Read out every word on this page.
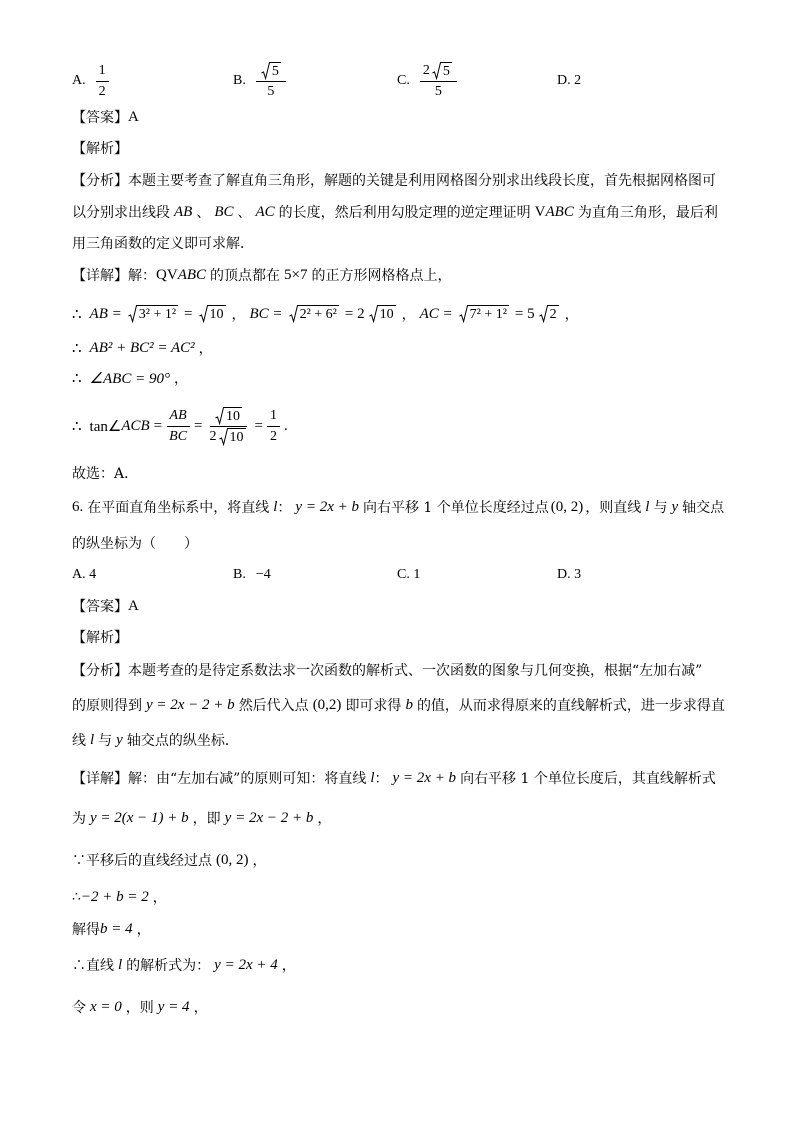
A. $\frac{1}{2}$	B. $\frac{5}{5}$	C. $\frac{2 5}{5}$	D. 2
【答案】 A
【解析】
【分析】本题主要考查了解直角三角形，解题的关键是利用网格图分别求出线段长度，首先根据网格图可
以分别求出线段 AB 、 BC 、 AC 的长度，然后利用勾股定理的逆定理证明 V ABC 为直角三角形，最后利
用三角函数的定义即可求解．
【详解】解： Q V ABC 的顶点都在 5×7 的正方形网格格点上，
∴ AB = 3² + 1² = 10 ， BC = 2² + 6² = 2 10 ， AC = 7² + 1² = 5 2 ，
∴ AB² + BC² = AC² ，
∴ ∠ABC = 90° ，
∴ tan∠ ACB = $\frac{AB}{BC} = \frac{10}{2 10} = \frac{1}{2}$ .
故选：A．
6. 在平面直角坐标系中，将直线 l ： y = 2x + b 向右平移 1 个单位长度经过点 (0, 2) ，则直线 l 与 y 轴交点
的纵坐标为（　　）
A. 4	B. −4	C. 1	D. 3
【答案】 A
【解析】
【分析】本题考查的是待定系数法求一次函数的解析式、一次函数的图象与几何变换，根据“左加右减”
的原则得到 y = 2x − 2 + b 然后代入点 (0,2) 即可求得 b 的值，从而求得原来的直线解析式，进一步求得直
线 l 与 y 轴交点的纵坐标．
【详解】解：由“左加右减”的原则可知：将直线 l ： y = 2x + b 向右平移 1 个单位长度后，其直线解析式
为 y = 2(x − 1) + b ，即 y = 2x − 2 + b ，
∵平移后的直线经过点 (0, 2) ，
∴ −2 + b = 2 ，
解得 b = 4 ，
∴直线 l 的解析式为： y = 2x + 4 ，
令 x = 0 ，则 y = 4 ，
